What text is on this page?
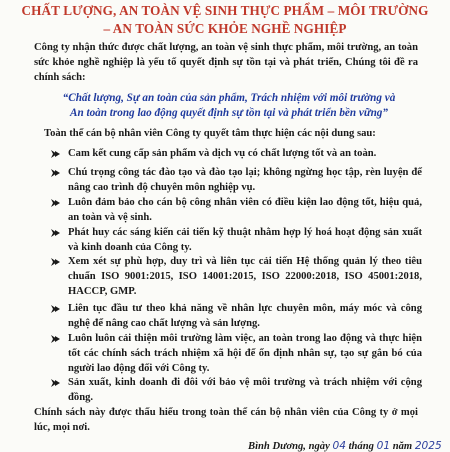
CHẤT LƯỢNG, AN TOÀN VỆ SINH THỰC PHẨM – MÔI TRƯỜNG
– AN TOÀN SỨC KHỎE NGHỀ NGHIỆP
Công ty nhận thức được chất lượng, an toàn vệ sinh thực phẩm, môi trường, an toàn sức khỏe nghề nghiệp là yếu tố quyết định sự tồn tại và phát triển, Chúng tôi đề ra chính sách:
“Chất lượng, Sự an toàn của sản phẩm, Trách nhiệm với môi trường và
An toàn trong lao động quyết định sự tồn tại và phát triển bền vững”
Toàn thể cán bộ nhân viên Công ty quyết tâm thực hiện các nội dung sau:
Cam kết cung cấp sản phẩm và dịch vụ có chất lượng tốt và an toàn.
Chú trọng công tác đào tạo và đào tạo lại; không ngừng học tập, rèn luyện để nâng cao trình độ chuyên môn nghiệp vụ.
Luôn đảm bảo cho cán bộ công nhân viên có điều kiện lao động tốt, hiệu quả, an toàn và vệ sinh.
Phát huy các sáng kiến cải tiến kỹ thuật nhằm hợp lý hoá hoạt động sản xuất và kinh doanh của Công ty.
Xem xét sự phù hợp, duy trì và liên tục cải tiến Hệ thống quản lý theo tiêu chuẩn ISO 9001:2015, ISO 14001:2015, ISO 22000:2018, ISO 45001:2018, HACCP, GMP.
Liên tục đầu tư theo khả năng về nhân lực chuyên môn, máy móc và công nghệ để nâng cao chất lượng và sản lượng.
Luôn luôn cải thiện môi trường làm việc, an toàn trong lao động và thực hiện tốt các chính sách trách nhiệm xã hội để ổn định nhân sự, tạo sự gắn bó của người lao động đối với Công ty.
Sản xuất, kinh doanh đi đôi với bảo vệ môi trường và trách nhiệm với cộng đồng.
Chính sách này được thấu hiểu trong toàn thể cán bộ nhân viên của Công ty ở mọi lúc, mọi nơi.
Bình Dương, ngày 04 tháng 01 năm 2025
